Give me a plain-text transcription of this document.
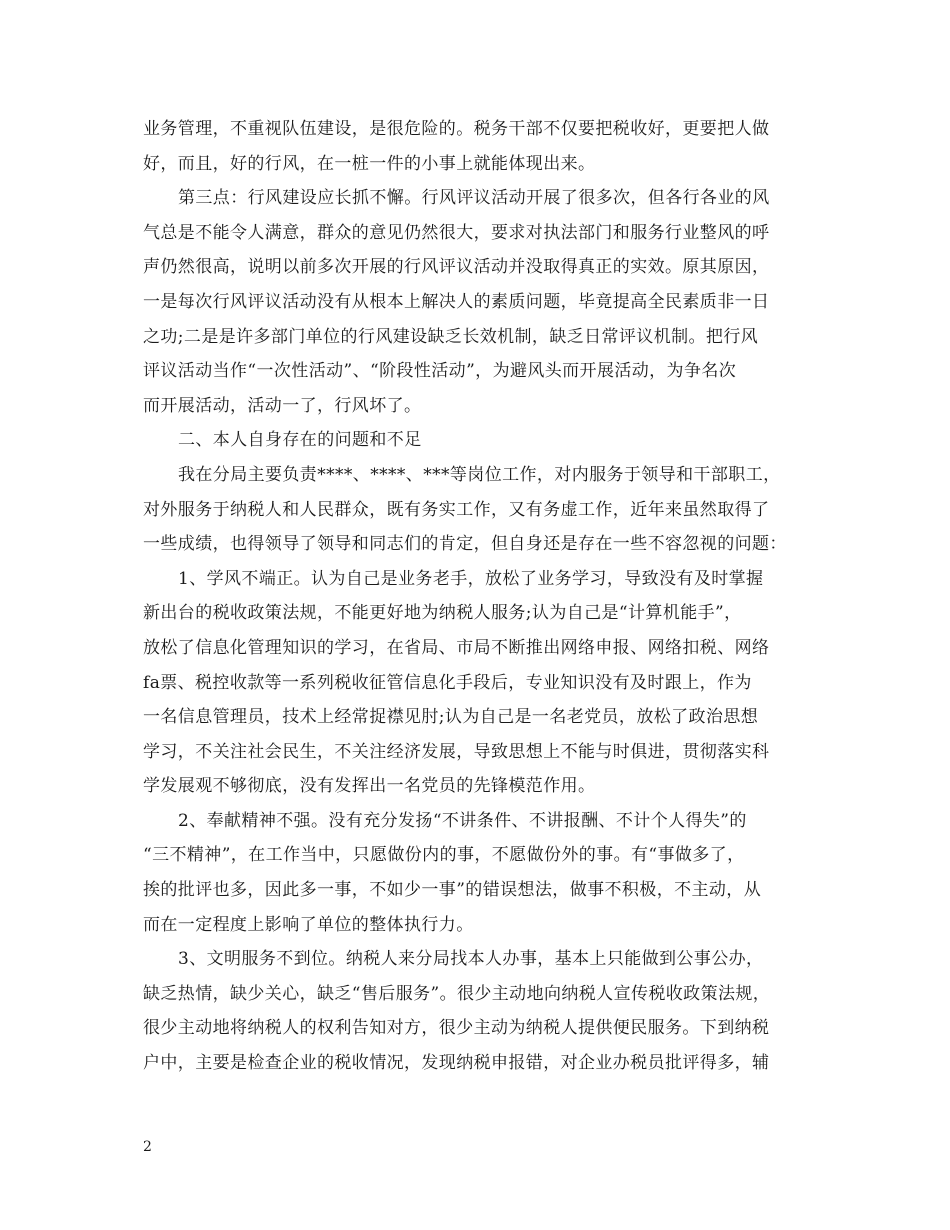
业务管理，不重视队伍建设，是很危险的。税务干部不仅要把税收好，更要把人做
好，而且，好的行风，在一桩一件的小事上就能体现出来。
第三点：行风建设应长抓不懈。行风评议活动开展了很多次，但各行各业的风
气总是不能令人满意，群众的意见仍然很大，要求对执法部门和服务行业整风的呼
声仍然很高，说明以前多次开展的行风评议活动并没取得真正的实效。原其原因，
一是每次行风评议活动没有从根本上解决人的素质问题，毕竟提高全民素质非一日
之功;二是是许多部门单位的行风建设缺乏长效机制，缺乏日常评议机制。把行风
评议活动当作“一次性活动”、“阶段性活动”，为避风头而开展活动，为争名次
而开展活动，活动一了，行风坏了。
二、本人自身存在的问题和不足
我在分局主要负责****、****、***等岗位工作，对内服务于领导和干部职工，
对外服务于纳税人和人民群众，既有务实工作，又有务虚工作，近年来虽然取得了
一些成绩，也得领导了领导和同志们的肯定，但自身还是存在一些不容忽视的问题：
1、学风不端正。认为自己是业务老手，放松了业务学习，导致没有及时掌握
新出台的税收政策法规，不能更好地为纳税人服务;认为自己是“计算机能手”，
放松了信息化管理知识的学习，在省局、市局不断推出网络申报、网络扣税、网络
fa票、税控收款等一系列税收征管信息化手段后，专业知识没有及时跟上，作为
一名信息管理员，技术上经常捉襟见肘;认为自己是一名老党员，放松了政治思想
学习，不关注社会民生，不关注经济发展，导致思想上不能与时俱进，贯彻落实科
学发展观不够彻底，没有发挥出一名党员的先锋模范作用。
2、奉献精神不强。没有充分发扬“不讲条件、不讲报酬、不计个人得失”的
“三不精神”，在工作当中，只愿做份内的事，不愿做份外的事。有“事做多了，
挨的批评也多，因此多一事，不如少一事”的错误想法，做事不积极，不主动，从
而在一定程度上影响了单位的整体执行力。
3、文明服务不到位。纳税人来分局找本人办事，基本上只能做到公事公办，
缺乏热情，缺少关心，缺乏“售后服务”。很少主动地向纳税人宣传税收政策法规，
很少主动地将纳税人的权利告知对方，很少主动为纳税人提供便民服务。下到纳税
户中，主要是检查企业的税收情况，发现纳税申报错，对企业办税员批评得多，辅
2
